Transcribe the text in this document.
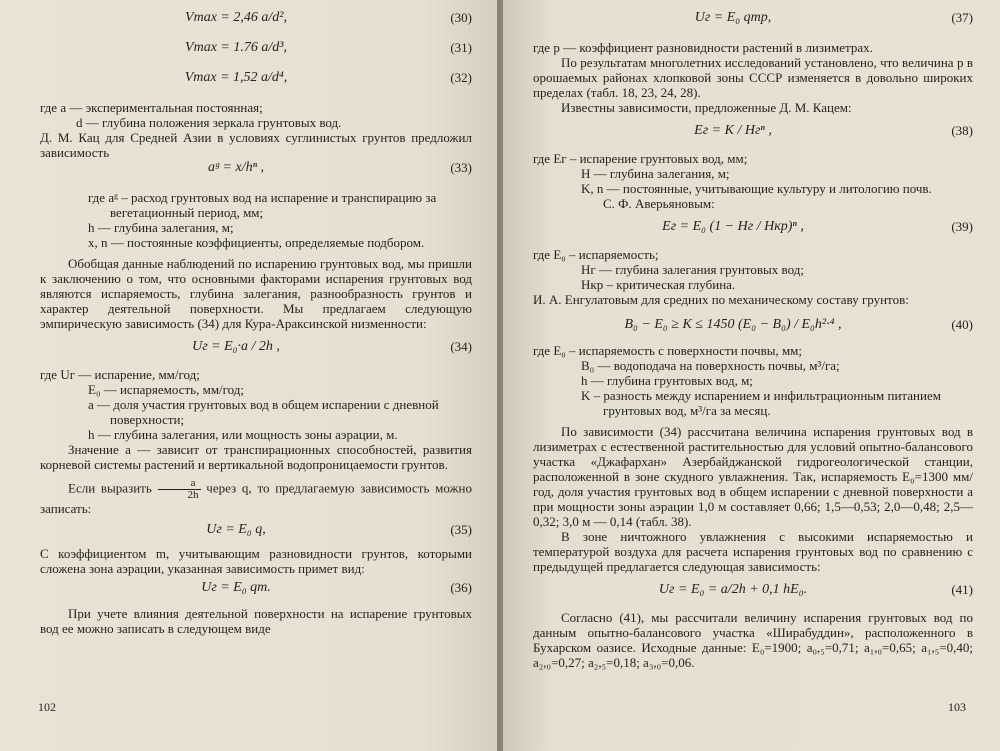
Vmax = 2,46 a/d²,	(30)
Vmax = 1.76 a/d³,	(31)
Vmax = 1,52 a/d⁴,	(32)

где a — экспериментальная постоянная;

d — глубина положения зеркала грунтовых вод.

Д. М. Кац для Средней Азии в условиях суглинистых грунтов предложил зависимость

aᵍ = x/hⁿ ,	(33)

где aᵍ – расход грунтовых вод на испарение и транспирацию за вегетационный период, мм;

h — глубина залегания, м;

x, n — постоянные коэффициенты, определяемые подбором.

Обобщая данные наблюдений по испарению грунтовых вод, мы пришли к заключению о том, что основными факторами испарения грунтовых вод являются испаряемость, глубина залегания, разнообразность грунтов и характер деятельной поверхности. Мы предлагаем следующую эмпирическую зависимость (34) для Кура-Араксинской низменности:

Uг = E₀·a / 2h ,	(34)

где Uг — испарение, мм/год;

E₀ — испаряемость, мм/год;

a — доля участия грунтовых вод в общем испарении с дневной поверхности;

h — глубина залегания, или мощность зоны аэрации, м.

Значение a — зависит от транспирационных способностей, развития корневой системы растений и вертикальной водопроницаемости грунтов.

Если выразить $\frac{a}{2h}$ через q, то предлагаемую зависимость можно записать:

Uг = E₀ q,	(35)

С коэффициентом m, учитывающим разновидности грунтов, которыми сложена зона аэрации, указанная зависимость примет вид:

Uг = E₀ qm.	(36)

При учете влияния деятельной поверхности на испарение грунтовых вод ее можно записать в следующем виде

102
Uг = E₀ qmp,	(37)

где p — коэффициент разновидности растений в лизиметрах.

По результатам многолетних исследований установлено, что величина p в орошаемых районах хлопковой зоны СССР изменяется в довольно широких пределах (табл. 18, 23, 24, 28).

Известны зависимости, предложенные Д. М. Кацем:

Eг = K / Hгⁿ ,	(38)

где Eг – испарение грунтовых вод, мм;

H — глубина залегания, м;

K, n — постоянные, учитывающие культуру и литологию почв.

С. Ф. Аверьяновым:

Eг = E₀ (1 − Hг / Hкр)ⁿ ,	(39)

где E₀ – испаряемость;

Hг — глубина залегания грунтовых вод;

Hкр – критическая глубина.

И. А. Енгулатовым для средних по механическому составу грунтов:

B₀ − E₀ ≥ K ≤ 1450 (E₀ − B₀) / E₀h²·⁴ ,	(40)

где E₀ – испаряемость с поверхности почвы, мм;

B₀ — водоподача на поверхность почвы, м³/га;

h — глубина грунтовых вод, м;

K – разность между испарением и инфильтрационным питанием грунтовых вод, м³/га за месяц.

По зависимости (34) рассчитана величина испарения грунтовых вод в лизиметрах с естественной растительностью для условий опытно-балансового участка «Джафархан» Азербайджанской гидрогеологической станции, расположенной в зоне скудного увлажнения. Так, испаряемость E₀=1300 мм/год, доля участия грунтовых вод в общем испарении с дневной поверхности a при мощности зоны аэрации 1,0 м составляет 0,66; 1,5—0,53; 2,0—0,48; 2,5—0,32; 3,0 м — 0,14 (табл. 38).

В зоне ничтожного увлажнения с высокими испаряемостью и температурой воздуха для расчета испарения грунтовых вод по сравнению с предыдущей предлагается следующая зависимость:

Uг = E₀ = a/2h + 0,1 hE₀.	(41)

Согласно (41), мы рассчитали величину испарения грунтовых вод по данным опытно-балансового участка «Ширабуддин», расположенного в Бухарском оазисе. Исходные данные: E₀=1900; a₀,₅=0,71; a₁,₀=0,65; a₁,₅=0,40; a₂,₀=0,27; a₂,₅=0,18; a₃,₀=0,06.

103
